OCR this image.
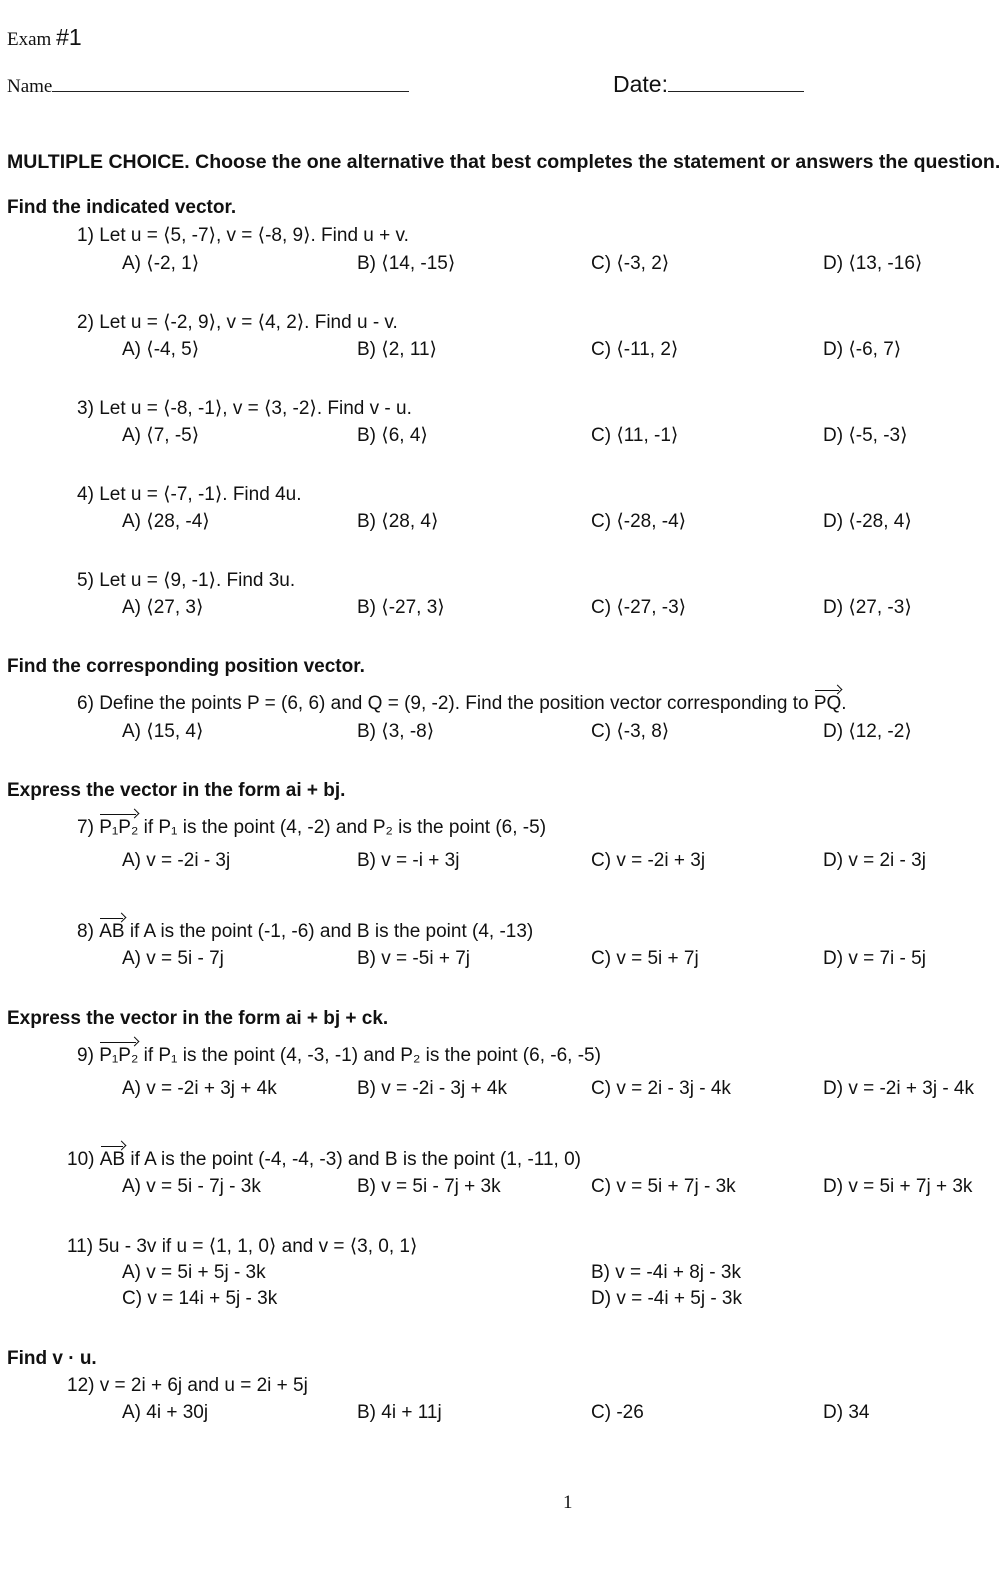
Exam #1
Name	Date:
MULTIPLE CHOICE. Choose the one alternative that best completes the statement or answers the question.
Find the indicated vector.
1) Let u = ⟨5, -7⟩, v = ⟨-8, 9⟩. Find u + v.
A) ⟨-2, 1⟩	B) ⟨14, -15⟩	C) ⟨-3, 2⟩	D) ⟨13, -16⟩
2) Let u = ⟨-2, 9⟩, v = ⟨4, 2⟩. Find u - v.
A) ⟨-4, 5⟩	B) ⟨2, 11⟩	C) ⟨-11, 2⟩	D) ⟨-6, 7⟩
3) Let u = ⟨-8, -1⟩, v = ⟨3, -2⟩. Find v - u.
A) ⟨7, -5⟩	B) ⟨6, 4⟩	C) ⟨11, -1⟩	D) ⟨-5, -3⟩
4) Let u = ⟨-7, -1⟩. Find 4u.
A) ⟨28, -4⟩	B) ⟨28, 4⟩	C) ⟨-28, -4⟩	D) ⟨-28, 4⟩
5) Let u = ⟨9, -1⟩. Find 3u.
A) ⟨27, 3⟩	B) ⟨-27, 3⟩	C) ⟨-27, -3⟩	D) ⟨27, -3⟩
Find the corresponding position vector.
6) Define the points P = (6, 6) and Q = (9, -2). Find the position vector corresponding to PQ.
A) ⟨15, 4⟩	B) ⟨3, -8⟩	C) ⟨-3, 8⟩	D) ⟨12, -2⟩
Express the vector in the form ai + bj.
7) P₁P₂ if P₁ is the point (4, -2) and P₂ is the point (6, -5)
A) v = -2i - 3j	B) v = -i + 3j	C) v = -2i + 3j	D) v = 2i - 3j
8) AB if A is the point (-1, -6) and B is the point (4, -13)
A) v = 5i - 7j	B) v = -5i + 7j	C) v = 5i + 7j	D) v = 7i - 5j
Express the vector in the form ai + bj + ck.
9) P₁P₂ if P₁ is the point (4, -3, -1) and P₂ is the point (6, -6, -5)
A) v = -2i + 3j + 4k	B) v = -2i - 3j + 4k	C) v = 2i - 3j - 4k	D) v = -2i + 3j - 4k
10) AB if A is the point (-4, -4, -3) and B is the point (1, -11, 0)
A) v = 5i - 7j - 3k	B) v = 5i - 7j + 3k	C) v = 5i + 7j - 3k	D) v = 5i + 7j + 3k
11) 5u - 3v if u = ⟨1, 1, 0⟩ and v = ⟨3, 0, 1⟩
A) v = 5i + 5j - 3k	B) v = -4i + 8j - 3k
C) v = 14i + 5j - 3k	D) v = -4i + 5j - 3k
Find v · u.
12) v = 2i + 6j and u = 2i + 5j
A) 4i + 30j	B) 4i + 11j	C) -26	D) 34
1
